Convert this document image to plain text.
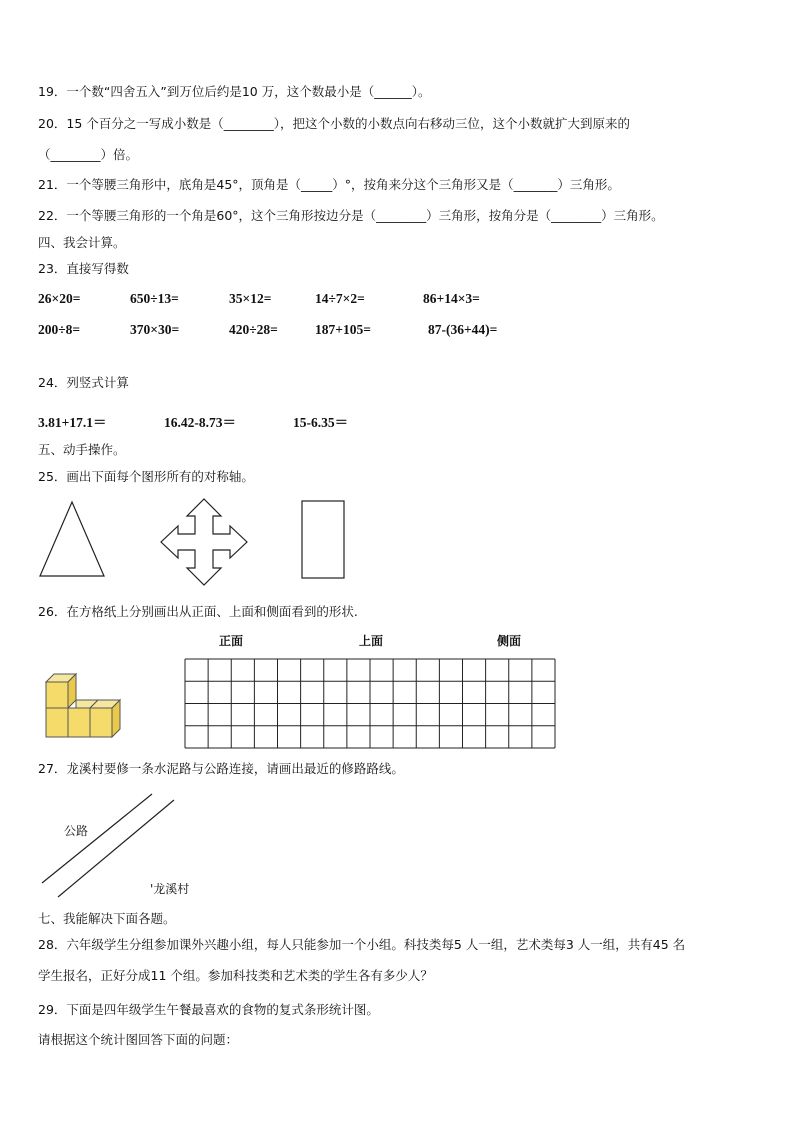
19．一个数“四舍五入”到万位后约是10 万，这个数最小是（______）。
20．15 个百分之一写成小数是（________），把这个小数的小数点向右移动三位，这个小数就扩大到原来的
（________）倍。
21．一个等腰三角形中，底角是45°，顶角是（_____）°，按角来分这个三角形又是（_______）三角形。
22．一个等腰三角形的一个角是60°，这个三角形按边分是（________）三角形，按角分是（________）三角形。
四、我会计算。
23．直接写得数
26×20=	650÷13=	35×12=	14÷7×2=	86+14×3=
200÷8=	370×30=	420÷28=	187+105=	87-(36+44)=
24．列竖式计算
3.81+17.1＝	16.42-8.73＝	15-6.35＝
五、动手操作。
25．画出下面每个图形所有的对称轴。
26．在方格纸上分别画出从正面、上面和侧面看到的形状.
正面	上面	侧面
27．龙溪村要修一条水泥路与公路连接，请画出最近的修路路线。
公路
'龙溪村
七、我能解决下面各题。
28．六年级学生分组参加课外兴趣小组，每人只能参加一个小组。科技类每5 人一组，艺术类每3 人一组，共有45 名
学生报名，正好分成11 个组。参加科技类和艺术类的学生各有多少人？
29．下面是四年级学生午餐最喜欢的食物的复式条形统计图。
请根据这个统计图回答下面的问题：
